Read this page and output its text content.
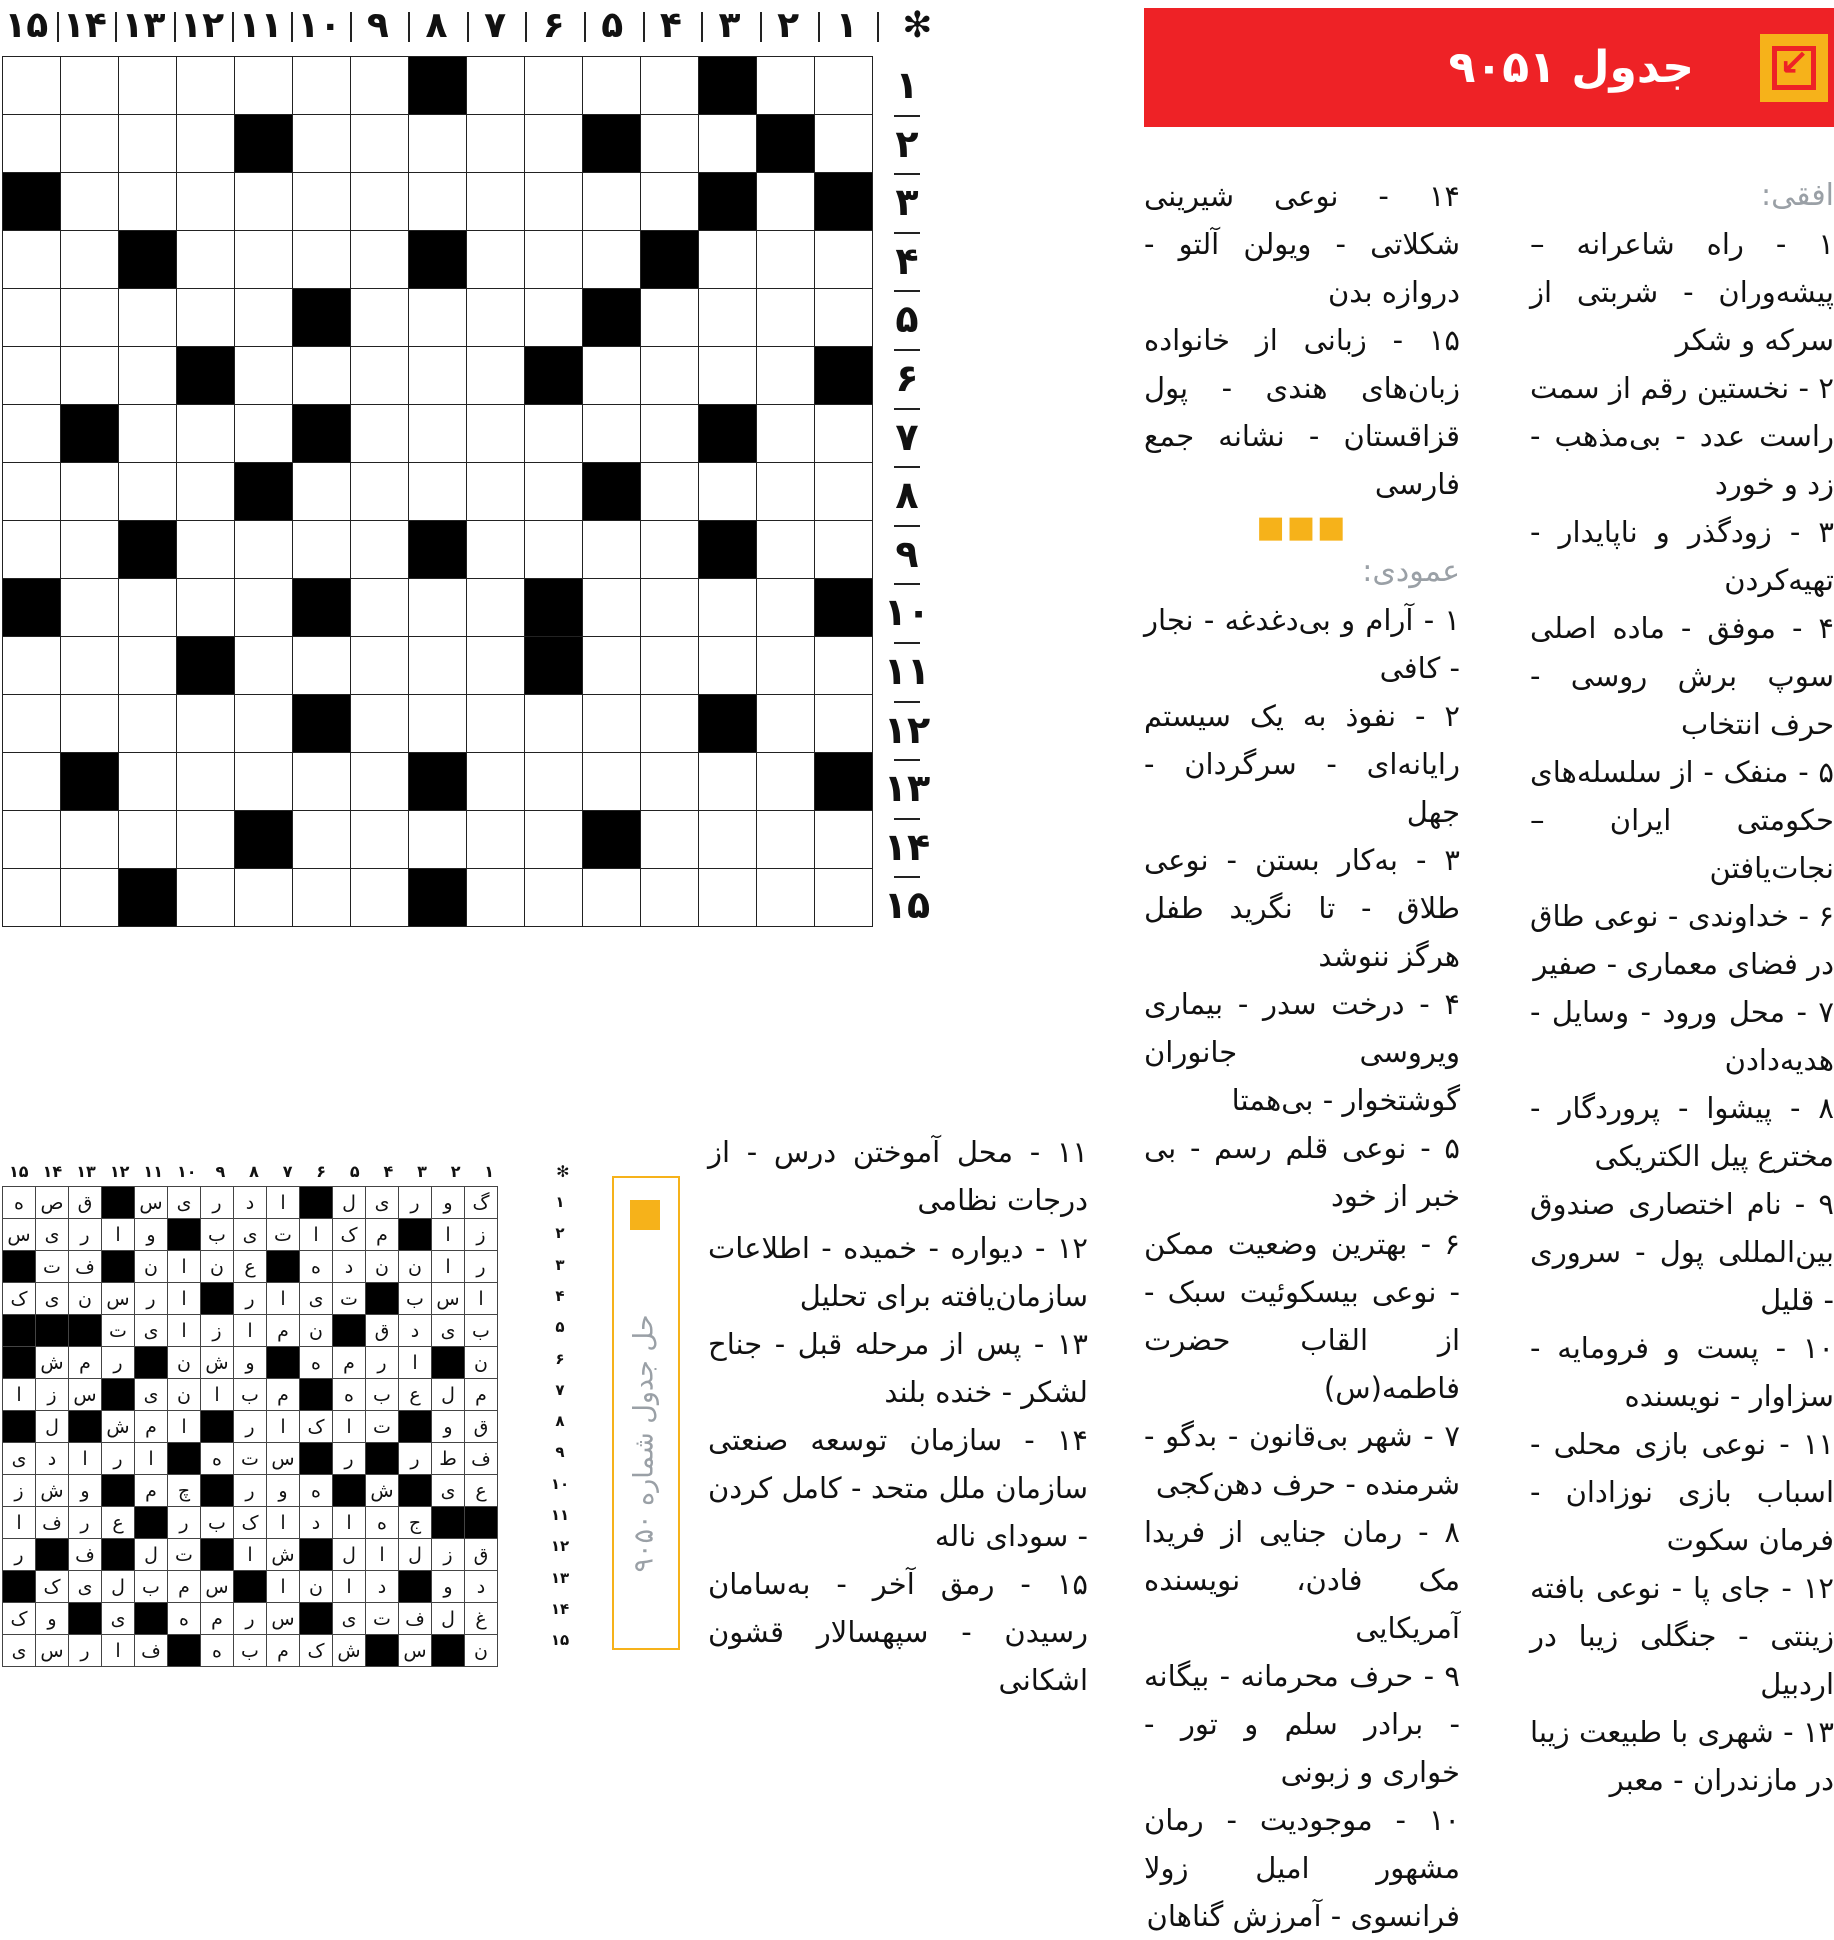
✻
۱
۲
۳
۴
۵
۶
۷
۸
۹
۱۰
۱۱
۱۲
۱۳
۱۴
۱۵

۱
۲
۳
۴
۵
۶
۷
۸
۹
۱۰
۱۱
۱۲
۱۳
۱۴
۱۵
جدول ۹۰۵۱
↙

افقی:

۱ - راه شاعرانه – پیشه‌وران - شربتی از سرکه و شکر

۲ - نخستین رقم از سمت راست عدد - بی‌مذهب - زد و خورد

۳ - زودگذر و ناپایدار - تهیه‌کردن

۴ - موفق - ماده اصلی سوپ برش روسی - حرف انتخاب

۵ - منفک - از سلسله‌های حکومتی ایران – نجات‌یافتن

۶ - خداوندی - نوعی طاق در فضای معماری - صفیر

۷ - محل ورود - وسایل - هدیه‌دادن

۸ - پیشوا - پروردگار - مخترع پیل الکتریکی

۹ - نام اختصاری صندوق بین‌المللی پول - سروری - قلیل

۱۰ - پست و فرومایه - سزاوار - نویسنده

۱۱ - نوعی بازی محلی - اسباب بازی نوزادان - فرمان سکوت

۱۲ - جای پا - نوعی بافته زینتی - جنگلی زیبا در اردبیل

۱۳ - شهری با طبیعت زیبا در مازندران - معبر

۱۴ - نوعی شیرینی شکلاتی - ویولن آلتو - دروازه بدن

۱۵ - زبانی از خانواده زبان‌های هندی - پول قزاقستان - نشانه جمع فارسی

■■■

عمودی:

۱ - آرام و بی‌دغدغه - نجار - کافی

۲ - نفوذ به یک سیستم رایانه‌ای - سرگردان - جهل

۳ - به‌کار بستن - نوعی طلاق - تا نگرید طفل هرگز ننوشد

۴ - درخت سدر - بیماری ویروسی جانوران گوشتخوار - بی‌همتا

۵ - نوعی قلم رسم - بی خبر از خود

۶ - بهترین وضعیت ممکن - نوعی بیسکوئیت سبک - از القاب حضرت فاطمه(س)

۷ - شهر بی‌قانون - بدگو - شرمنده - حرف دهن‌کجی

۸ - رمان جنایی از فریدا مک فادن، نویسنده آمریکایی

۹ - حرف محرمانه - بیگانه - برادر سلم و تور - خواری و زبونی

۱۰ - موجودیت - رمان مشهور امیل زولا فرانسوی - آمرزش گناهان

۱۱ - محل آموختن درس - از درجات نظامی

۱۲ - دیواره - خمیده - اطلاعات سازمان‌یافته برای تحلیل

۱۳ - پس از مرحله قبل - جناح لشکر - خنده بلند

۱۴ - سازمان توسعه صنعتی سازمان ملل متحد - کامل کردن - سودای ناله

۱۵ - رمق آخر - به‌سامان رسیدن - سپهسالار قشون اشکانی

حل جدول شماره ۹۰۵۰
✻
۱
۲
۳
۴
۵
۶
۷
۸
۹
۱۰
۱۱
۱۲
۱۳
۱۴
۱۵
ه	ص	ق		س	ی	ر	د	ا		ل	ی	ر	و	گ
س	ی	ر	ا	و		ب	ی	ت	ا	ک	م		ا	ز
	ت	ف		ن	ا	ن	ع		ه	د	ن	ن	ا	ر
ک	ی	ن	س	ر	ا		ر	ا	ی	ت		ب	س	ا
			ت	ی	ا	ز	ا	م	ن		ق	د	ی	ب
	ش	م	ر		ن	ش	و		ه	م	ر	ا		ن
ا	ز	س		ی	ن	ا	ب	م		ه	ب	ع	ل	م
	ل		ش	م	ا		ر	ا	ک	ا	ت		و	ق
ی	د	ا	ر	ا		ه	ت	س		ر		ر	ط	ف
ز	ش	و		م	چ		ر	و	ه		ش		ی	ع
ا	ف	ر	ع		ر	ب	ک	ا	د	ا	ه	ج		
ر		ف		ل	ت		ا	ش		ل	ا	ل	ز	ق
	ک	ی	ل	ب	م	س		ا	ن	ا	د		و	د
ک	و		ی		ه	م	ر	س		ی	ت	ف	ل	غ
ی	س	ر	ا	ف		ه	ب	م	ک	ش		س		ن
۱
۲
۳
۴
۵
۶
۷
۸
۹
۱۰
۱۱
۱۲
۱۳
۱۴
۱۵
